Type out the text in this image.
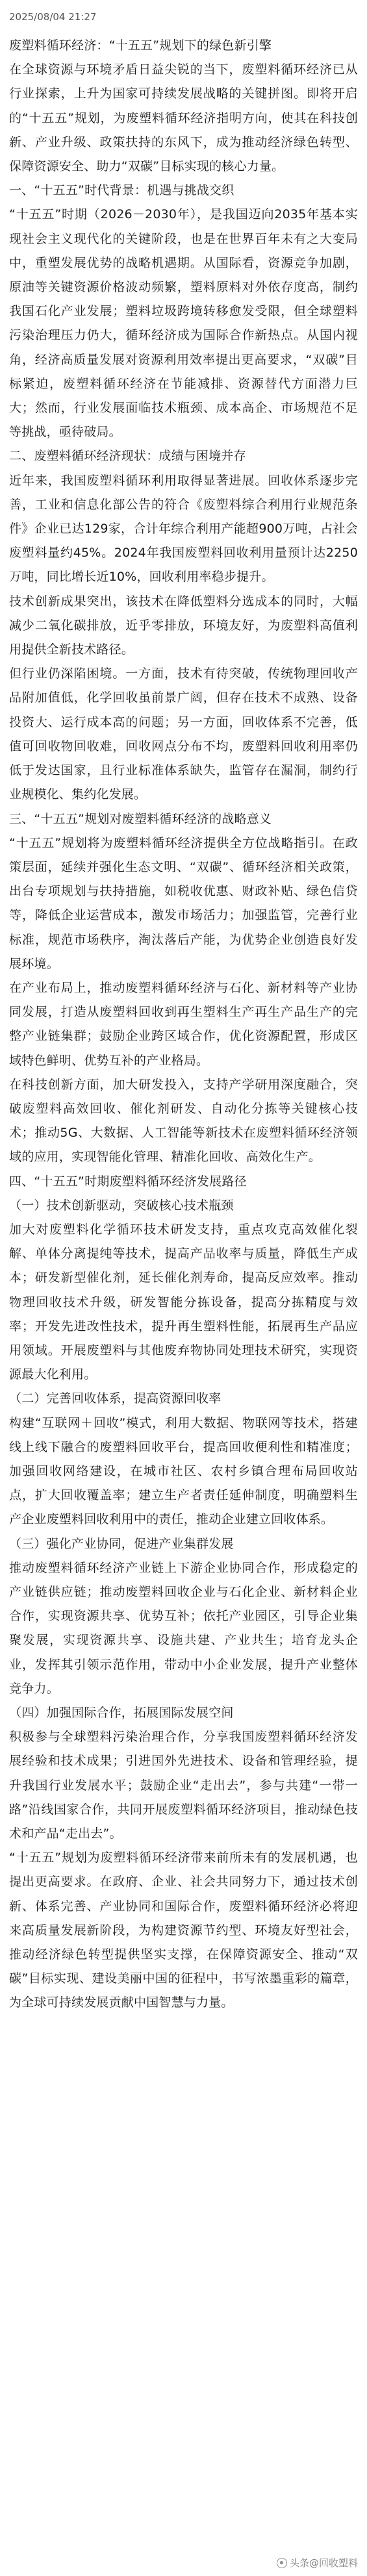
2025/08/04 21:27

废塑料循环经济：“十五五”规划下的绿色新引擎

在全球资源与环境矛盾日益尖锐的当下，废塑料循环经济已从行业探索，上升为国家可持续发展战略的关键拼图。即将开启的“十五五”规划，为废塑料循环经济指明方向，使其在科技创新、产业升级、政策扶持的东风下，成为推动经济绿色转型、保障资源安全、助力“双碳”目标实现的核心力量。

一、“十五五”时代背景：机遇与挑战交织

“十五五”时期（2026－2030年），是我国迈向2035年基本实现社会主义现代化的关键阶段，也是在世界百年未有之大变局中，重塑发展优势的战略机遇期。从国际看，资源竞争加剧，原油等关键资源价格波动频繁，塑料原料对外依存度高，制约我国石化产业发展；塑料垃圾跨境转移愈发受限，但全球塑料污染治理压力仍大，循环经济成为国际合作新热点。从国内视角，经济高质量发展对资源利用效率提出更高要求，“双碳”目标紧迫，废塑料循环经济在节能减排、资源替代方面潜力巨大；然而，行业发展面临技术瓶颈、成本高企、市场规范不足等挑战，亟待破局。

二、废塑料循环经济现状：成绩与困境并存

近年来，我国废塑料循环利用取得显著进展。回收体系逐步完善，工业和信息化部公告的符合《废塑料综合利用行业规范条件》企业已达129家，合计年综合利用产能超900万吨，占社会废塑料量约45%。2024年我国废塑料回收利用量预计达2250万吨，同比增长近10%，回收利用率稳步提升。

技术创新成果突出，该技术在降低塑料分选成本的同时，大幅减少二氧化碳排放，近乎零排放，环境友好，为废塑料高值利用提供全新技术路径。

但行业仍深陷困境。一方面，技术有待突破，传统物理回收产品附加值低，化学回收虽前景广阔，但存在技术不成熟、设备投资大、运行成本高的问题；另一方面，回收体系不完善，低值可回收物回收难，回收网点分布不均，废塑料回收利用率仍低于发达国家，且行业标准体系缺失，监管存在漏洞，制约行业规模化、集约化发展。

三、“十五五”规划对废塑料循环经济的战略意义

“十五五”规划将为废塑料循环经济提供全方位战略指引。在政策层面，延续并强化生态文明、“双碳”、循环经济相关政策，出台专项规划与扶持措施，如税收优惠、财政补贴、绿色信贷等，降低企业运营成本，激发市场活力；加强监管，完善行业标准，规范市场秩序，淘汰落后产能，为优势企业创造良好发展环境。

在产业布局上，推动废塑料循环经济与石化、新材料等产业协同发展，打造从废塑料回收到再生塑料生产再生产品生产的完整产业链集群；鼓励企业跨区域合作，优化资源配置，形成区域特色鲜明、优势互补的产业格局。

在科技创新方面，加大研发投入，支持产学研用深度融合，突破废塑料高效回收、催化剂研发、自动化分拣等关键核心技术；推动5G、大数据、人工智能等新技术在废塑料循环经济领域的应用，实现智能化管理、精准化回收、高效化生产。

四、“十五五”时期废塑料循环经济发展路径

（一）技术创新驱动，突破核心技术瓶颈

加大对废塑料化学循环技术研发支持，重点攻克高效催化裂解、单体分离提纯等技术，提高产品收率与质量，降低生产成本；研发新型催化剂，延长催化剂寿命，提高反应效率。推动物理回收技术升级，研发智能分拣设备，提高分拣精度与效率；开发先进改性技术，提升再生塑料性能，拓展再生产品应用领域。开展废塑料与其他废弃物协同处理技术研究，实现资源最大化利用。

（二）完善回收体系，提高资源回收率

构建“互联网＋回收”模式，利用大数据、物联网等技术，搭建线上线下融合的废塑料回收平台，提高回收便利性和精准度；加强回收网络建设，在城市社区、农村乡镇合理布局回收站点，扩大回收覆盖率；建立生产者责任延伸制度，明确塑料生产企业废塑料回收利用中的责任，推动企业建立回收体系。

（三）强化产业协同，促进产业集群发展

推动废塑料循环经济产业链上下游企业协同合作，形成稳定的产业链供应链；推动废塑料回收企业与石化企业、新材料企业合作，实现资源共享、优势互补；依托产业园区，引导企业集聚发展，实现资源共享、设施共建、产业共生；培育龙头企业，发挥其引领示范作用，带动中小企业发展，提升产业整体竞争力。

（四）加强国际合作，拓展国际发展空间

积极参与全球塑料污染治理合作，分享我国废塑料循环经济发展经验和技术成果；引进国外先进技术、设备和管理经验，提升我国行业发展水平；鼓励企业“走出去”，参与共建“一带一路”沿线国家合作，共同开展废塑料循环经济项目，推动绿色技术和产品“走出去”。

“十五五”规划为废塑料循环经济带来前所未有的发展机遇，也提出更高要求。在政府、企业、社会共同努力下，通过技术创新、体系完善、产业协同和国际合作，废塑料循环经济必将迎来高质量发展新阶段，为构建资源节约型、环境友好型社会，推动经济绿色转型提供坚实支撑，在保障资源安全、推动“双碳”目标实现、建设美丽中国的征程中，书写浓墨重彩的篇章，为全球可持续发展贡献中国智慧与力量。

头条@回收塑料
